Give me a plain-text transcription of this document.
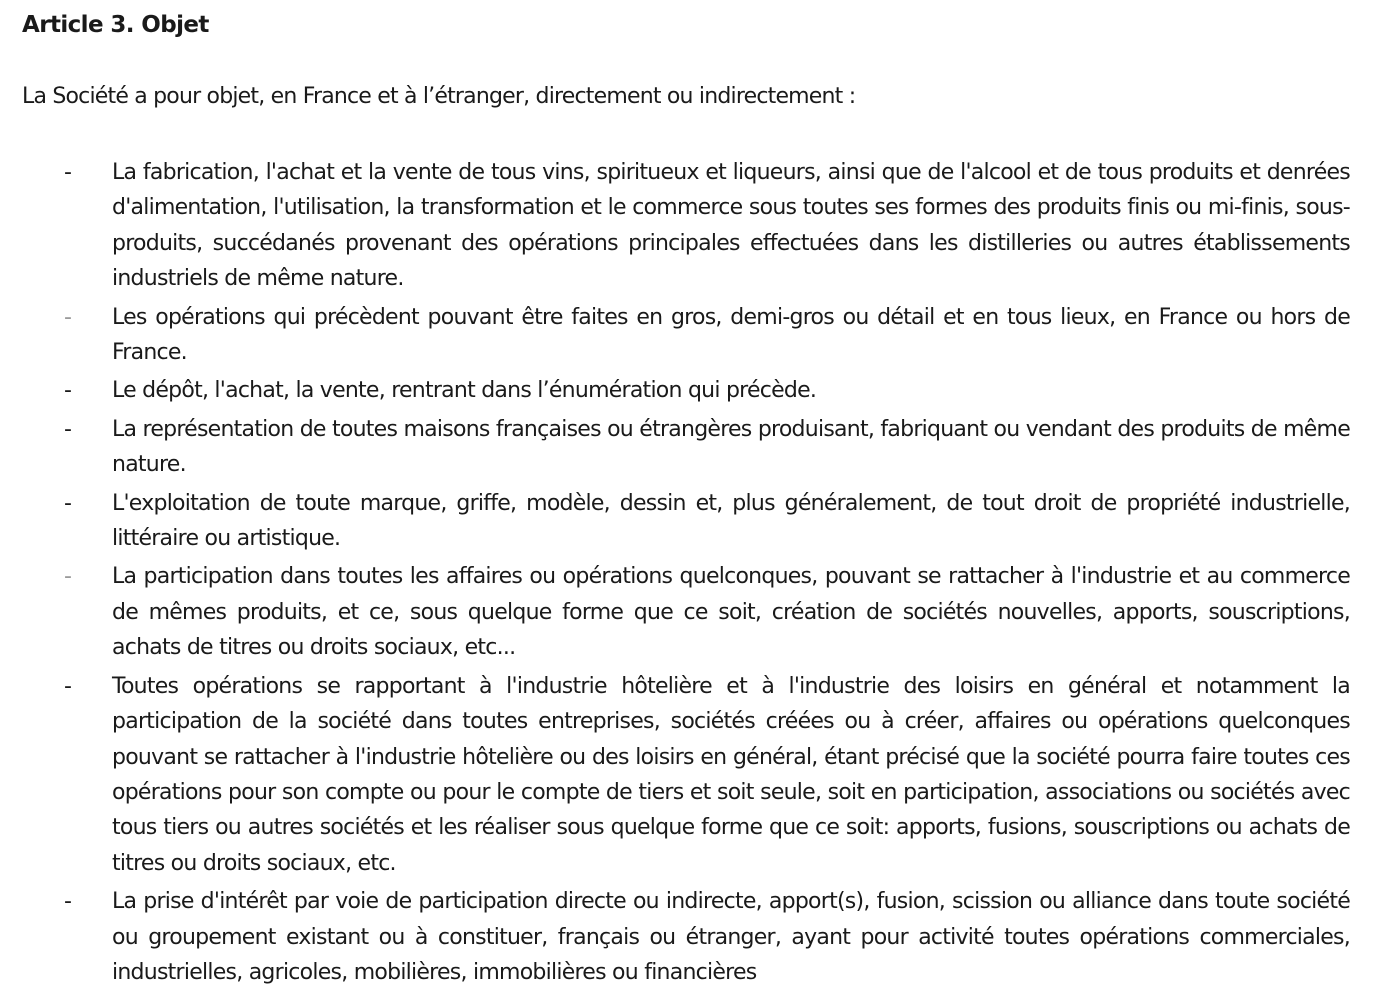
Article 3. Objet

La Société a pour objet, en France et à l’étranger, directement ou indirectement :

-	La fabrication, l'achat et la vente de tous vins, spiritueux et liqueurs, ainsi que de l'alcool et de tous produits et denrées d'alimentation, l'utilisation, la transformation et le commerce sous toutes ses formes des produits finis ou mi-finis, sous-produits, succédanés provenant des opérations principales effectuées dans les distilleries ou autres établissements industriels de même nature.
-	Les opérations qui précèdent pouvant être faites en gros, demi-gros ou détail et en tous lieux, en France ou hors de France.
-	Le dépôt, l'achat, la vente, rentrant dans l’énumération qui précède.
-	La représentation de toutes maisons françaises ou étrangères produisant, fabriquant ou vendant des produits de même nature.
-	L'exploitation de toute marque, griffe, modèle, dessin et, plus généralement, de tout droit de propriété industrielle, littéraire ou artistique.
-	La participation dans toutes les affaires ou opérations quelconques, pouvant se rattacher à l'industrie et au commerce de mêmes produits, et ce, sous quelque forme que ce soit, création de sociétés nouvelles, apports, souscriptions, achats de titres ou droits sociaux, etc...
-	Toutes opérations se rapportant à l'industrie hôtelière et à l'industrie des loisirs en général et notamment la participation de la société dans toutes entreprises, sociétés créées ou à créer, affaires ou opérations quelconques pouvant se rattacher à l'industrie hôtelière ou des loisirs en général, étant précisé que la société pourra faire toutes ces opérations pour son compte ou pour le compte de tiers et soit seule, soit en participation, associations ou sociétés avec tous tiers ou autres sociétés et les réaliser sous quelque forme que ce soit: apports, fusions, souscriptions ou achats de titres ou droits sociaux, etc.
-	La prise d'intérêt par voie de participation directe ou indirecte, apport(s), fusion, scission ou alliance dans toute société ou groupement existant ou à constituer, français ou étranger, ayant pour activité toutes opérations commerciales, industrielles, agricoles, mobilières, immobilières ou financières
